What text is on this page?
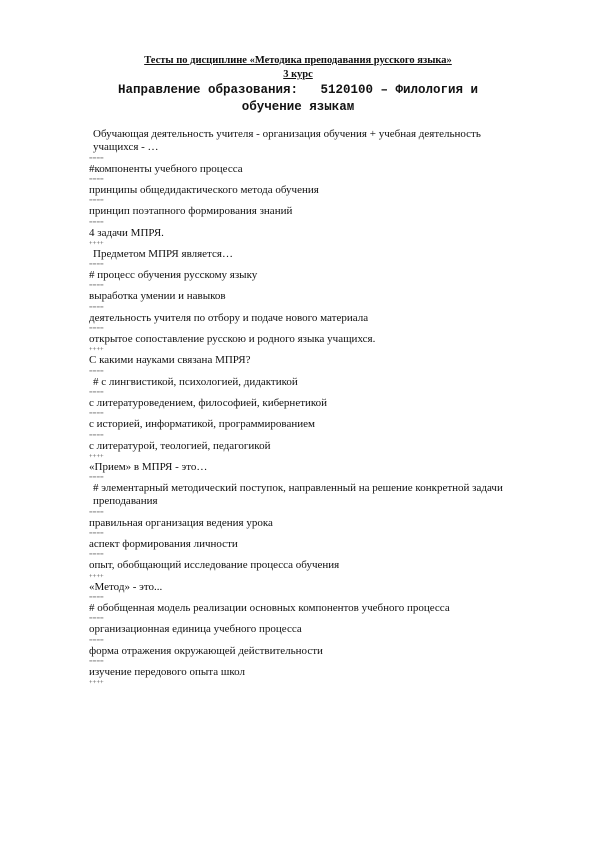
Тесты по дисциплине «Методика преподавания русского языка»
3 курс
Направление образования:   5120100 – Филология и
обучение языкам
Обучающая деятельность учителя - организация обучения + учебная деятельность
учащихся - …
====
#компоненты учебного процесса
====
принципы общедидактического метода обучения
====
принцип поэтапного формирования знаний
====
4 задачи МПРЯ.
++++
Предметом МПРЯ является…
====
# процесс обучения русскому языку
====
выработка умении и навыков
====
деятельность учителя по отбору и подаче нового материала
====
открытое сопоставление русскою и родного языка учащихся.
++++
С какими науками связана МПРЯ?
====
# с лингвистикой, психологией, дидактикой
====
с литературоведением, философией, кибернетикой
====
с историей, информатикой, программированием
====
с литературой, теологией, педагогикой
++++
«Прием» в МПРЯ - это…
====
# элементарный методический поступок, направленный на решение конкретной задачи
преподавания
====
правильная организация ведения урока
====
аспект формирования личности
====
опыт, обобщающий исследование процесса обучения
++++
«Метод» - это...
====
# обобщенная модель реализации основных компонентов учебного процесса
====
организационная единица учебного процесса
====
форма отражения окружающей действительности
====
изучение передового опыта школ
++++
